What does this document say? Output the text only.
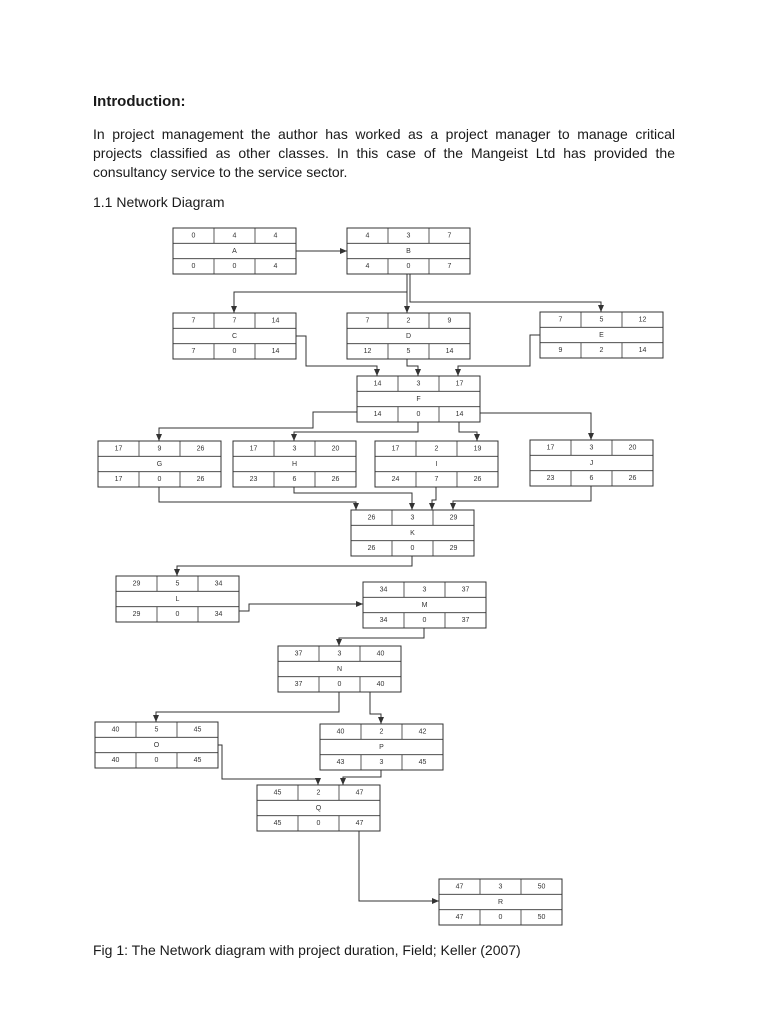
Introduction:
In project management the author has worked as a project manager to manage critical projects classified as other classes. In this case of the Mangeist Ltd has provided the consultancy service to the service sector.
1.1 Network Diagram
0	4	4
A
0	0	4
4	3	7
B
4	0	7
7	7	14
C
7	0	14
7	2	9
D
12	5	14
7	5	12
E
9	2	14
14	3	17
F
14	0	14
17	9	26
G
17	0	26
17	3	20
H
23	6	26
17	2	19
I
24	7	26
17	3	20
J
23	6	26
26	3	29
K
26	0	29
29	5	34
L
29	0	34
34	3	37
M
34	0	37
37	3	40
N
37	0	40
40	5	45
O
40	0	45
40	2	42
P
43	3	45
45	2	47
Q
45	0	47
47	3	50
R
47	0	50
Fig 1: The Network diagram with project duration, Field; Keller (2007)
